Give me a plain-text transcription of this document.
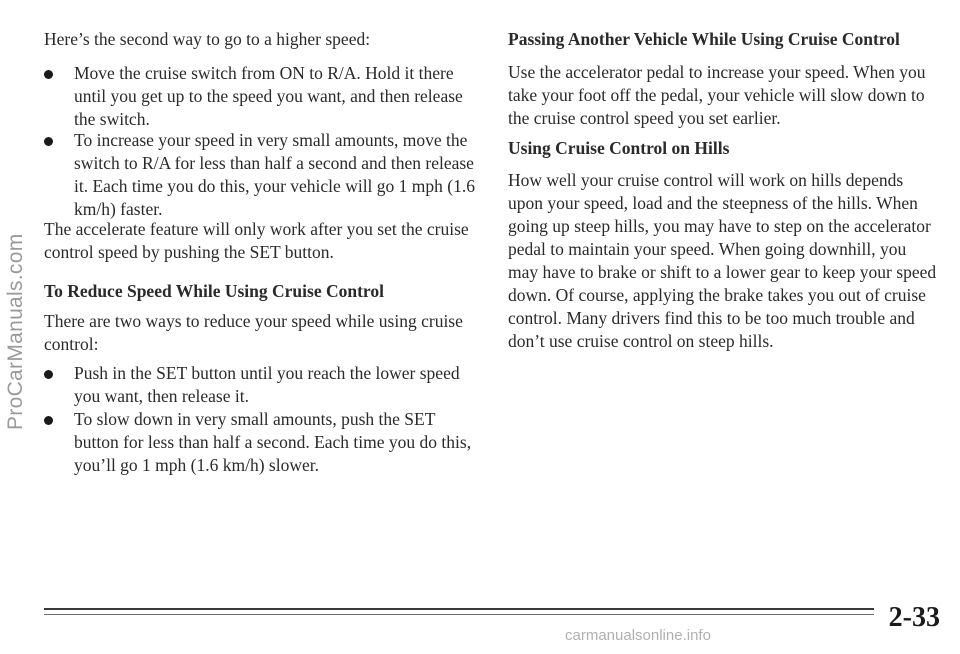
ProCarManuals.com

Here’s the second way to go to a higher speed:

Move the cruise switch from ON to R/A. Hold it there until you get up to the speed you want, and then release the switch.
To increase your speed in very small amounts, move the switch to R/A for less than half a second and then release it. Each time you do this, your vehicle will go 1 mph (1.6 km/h) faster.

The accelerate feature will only work after you set the cruise control speed by pushing the SET button.

To Reduce Speed While Using Cruise Control

There are two ways to reduce your speed while using cruise control:

Push in the SET button until you reach the lower speed you want, then release it.
To slow down in very small amounts, push the SET button for less than half a second. Each time you do this, you’ll go 1 mph (1.6 km/h) slower.
Passing Another Vehicle While Using Cruise Control

Use the accelerator pedal to increase your speed. When you take your foot off the pedal, your vehicle will slow down to the cruise control speed you set earlier.

Using Cruise Control on Hills

How well your cruise control will work on hills depends upon your speed, load and the steepness of the hills. When going up steep hills, you may have to step on the accelerator pedal to maintain your speed. When going downhill, you may have to brake or shift to a lower gear to keep your speed down. Of course, applying the brake takes you out of cruise control. Many drivers find this to be too much trouble and don’t use cruise control on steep hills.

2-33
carmanualsonline.info
